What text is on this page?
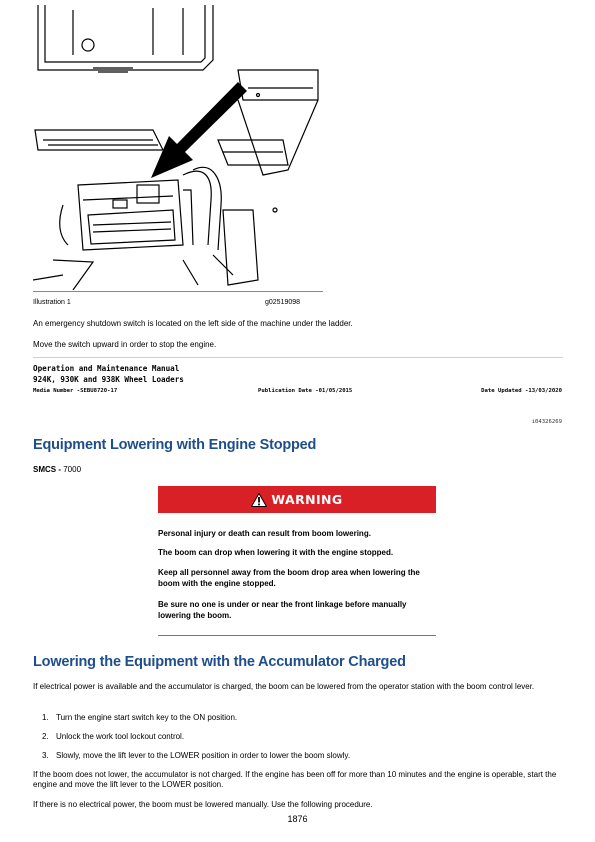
Illustration 1	g02519098
An emergency shutdown switch is located on the left side of the machine under the ladder.
Move the switch upward in order to stop the engine.
Operation and Maintenance Manual
924K, 930K and 938K Wheel Loaders
Media Number -SEBU8720-17	Publication Date -01/05/2015	Date Updated -13/03/2020
i04326269
Equipment Lowering with Engine Stopped
SMCS - 7000
WARNING
Personal injury or death can result from boom lowering.
The boom can drop when lowering it with the engine stopped.
Keep all personnel away from the boom drop area when lowering the boom with the engine stopped.
Be sure no one is under or near the front linkage before manually lowering the boom.
Lowering the Equipment with the Accumulator Charged
If electrical power is available and the accumulator is charged, the boom can be lowered from the operator station with the boom control lever.
1. Turn the engine start switch key to the ON position.
2. Unlock the work tool lockout control.
3. Slowly, move the lift lever to the LOWER position in order to lower the boom slowly.
If the boom does not lower, the accumulator is not charged. If the engine has been off for more than 10 minutes and the engine is operable, start the engine and move the lift lever to the LOWER position.
If there is no electrical power, the boom must be lowered manually. Use the following procedure.
1876
